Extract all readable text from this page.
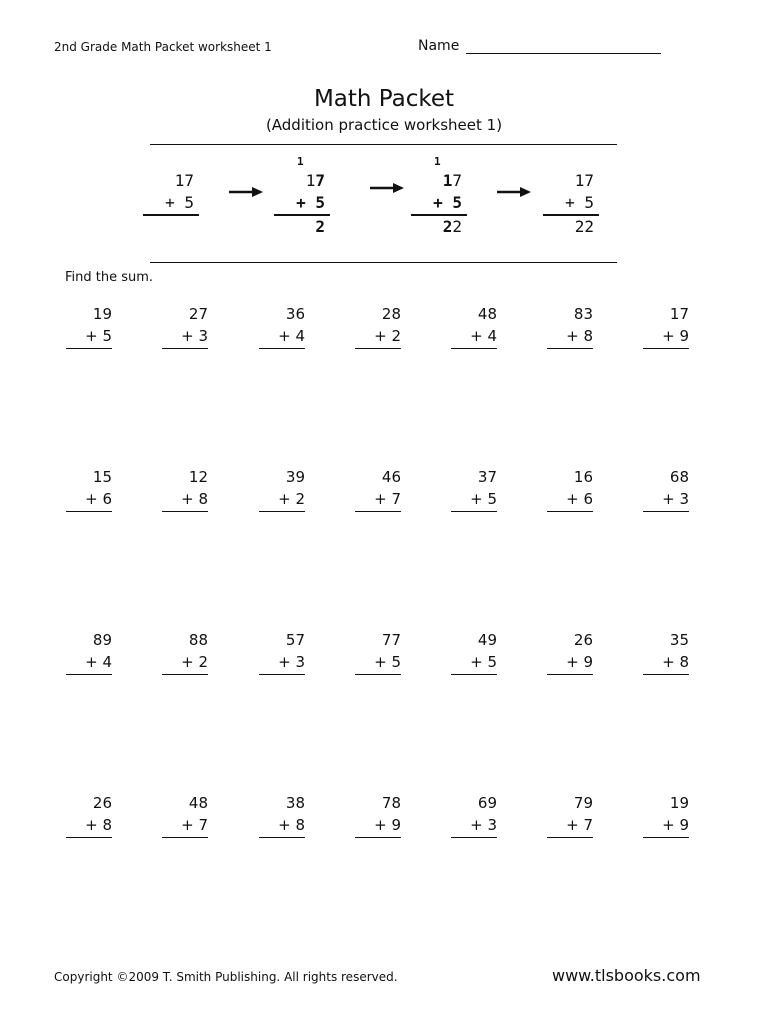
2nd Grade Math Packet worksheet 1	Name
Math Packet
(Addition practice worksheet 1)
17
+ 5
1
17
+ 5
2
1
17
+ 5
22
17
+ 5
22
Find the sum.
19
+ 5
27
+ 3
36
+ 4
28
+ 2
48
+ 4
83
+ 8
17
+ 9
15
+ 6
12
+ 8
39
+ 2
46
+ 7
37
+ 5
16
+ 6
68
+ 3
89
+ 4
88
+ 2
57
+ 3
77
+ 5
49
+ 5
26
+ 9
35
+ 8
26
+ 8
48
+ 7
38
+ 8
78
+ 9
69
+ 3
79
+ 7
19
+ 9
Copyright ©2009 T. Smith Publishing. All rights reserved.	www.tlsbooks.com
